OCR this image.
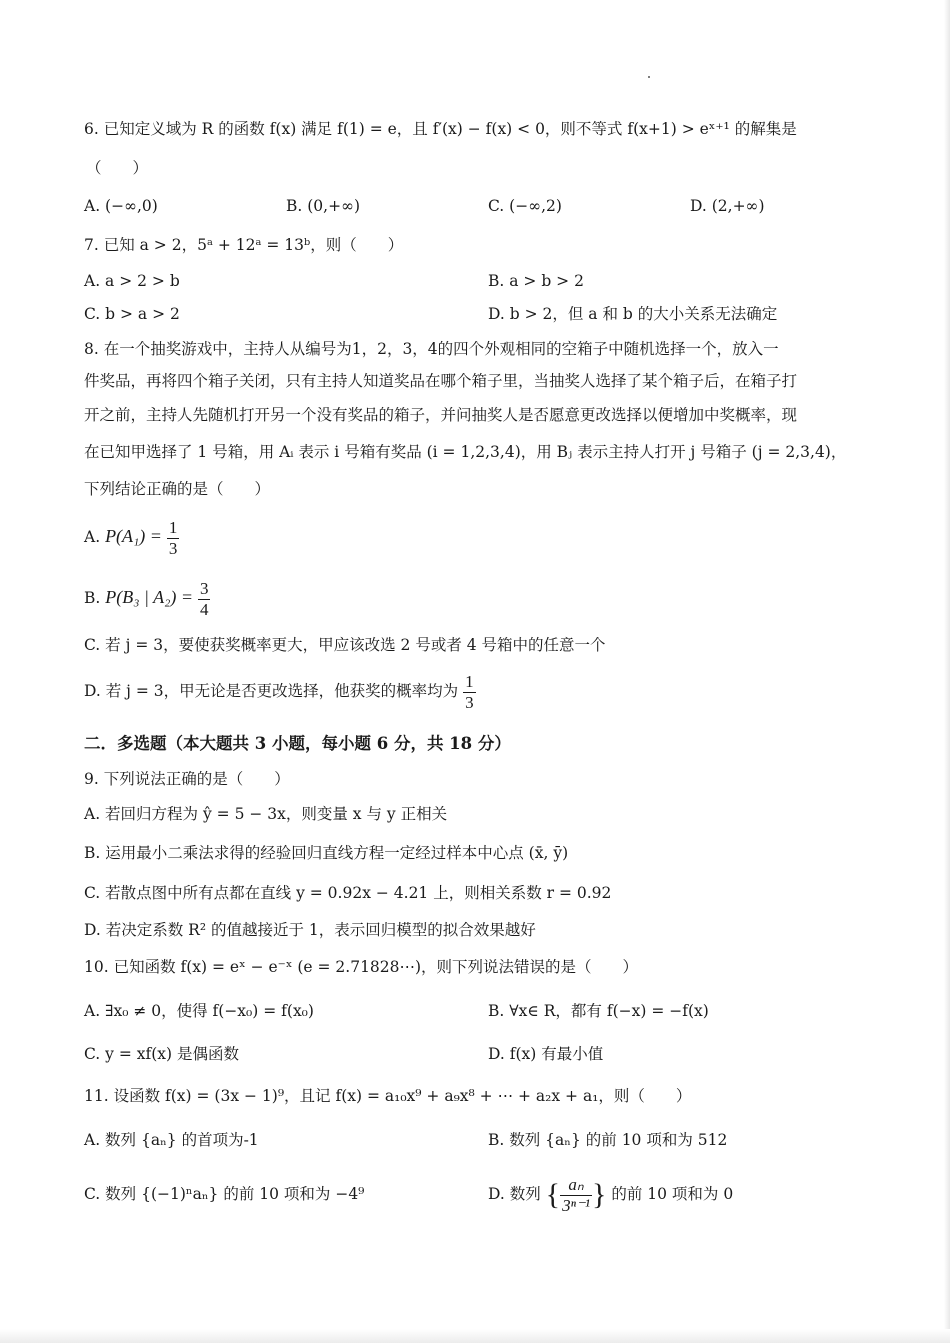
6. 已知定义域为 R 的函数 f(x) 满足 f(1) = e，且 f′(x) − f(x) < 0，则不等式 f(x+1) > eˣ⁺¹ 的解集是
（　　）
A. (−∞,0)	B. (0,+∞)	C. (−∞,2)	D. (2,+∞)
7. 已知 a > 2，5ᵃ + 12ᵃ = 13ᵇ，则（　　）
A. a > 2 > b	B. a > b > 2
C. b > a > 2	D. b > 2，但 a 和 b 的大小关系无法确定
8. 在一个抽奖游戏中，主持人从编号为1，2，3，4的四个外观相同的空箱子中随机选择一个，放入一
件奖品，再将四个箱子关闭，只有主持人知道奖品在哪个箱子里，当抽奖人选择了某个箱子后，在箱子打
开之前，主持人先随机打开另一个没有奖品的箱子，并问抽奖人是否愿意更改选择以便增加中奖概率，现
在已知甲选择了 1 号箱，用 Aᵢ 表示 i 号箱有奖品 (i = 1,2,3,4)，用 Bⱼ 表示主持人打开 j 号箱子 (j = 2,3,4)，
下列结论正确的是（　　）
A. $P(A_1) = \frac{1}{3}$
B. P(B₃ | $A_2) = \frac{3}{4}$
C. 若 j = 3，要使获奖概率更大，甲应该改选 2 号或者 4 号箱中的任意一个
D. 若 j = 3，甲无论是否更改选择，他获奖的概率均为 $\frac{1}{3}$
二．多选题（本大题共 3 小题，每小题 6 分，共 18 分）
9. 下列说法正确的是（　　）
A. 若回归方程为 ŷ = 5 − 3x，则变量 x 与 y 正相关
B. 运用最小二乘法求得的经验回归直线方程一定经过样本中心点 (x̄, ȳ)
C. 若散点图中所有点都在直线 y = 0.92x − 4.21 上，则相关系数 r = 0.92
D. 若决定系数 R² 的值越接近于 1，表示回归模型的拟合效果越好
10. 已知函数 f(x) = eˣ − e⁻ˣ (e = 2.71828⋯)，则下列说法错误的是（　　）
A. ∃x₀ ≠ 0，使得 f(−x₀) = f(x₀)	B. ∀x∈ R，都有 f(−x) = −f(x)
C. y = xf(x) 是偶函数	D. f(x) 有最小值
11. 设函数 f(x) = (3x − 1)⁹，且记 f(x) = a₁₀x⁹ + a₉x⁸ + ⋯ + a₂x + a₁，则（　　）
A. 数列 {aₙ} 的首项为-1	B. 数列 {aₙ} 的前 10 项和为 512
C. 数列 {(−1)ⁿaₙ} 的前 10 项和为 −4⁹	D. 数列 { $\frac{\text{aₙ}}{\text{3ⁿ⁻¹}}$ } 的前 10 项和为 0
